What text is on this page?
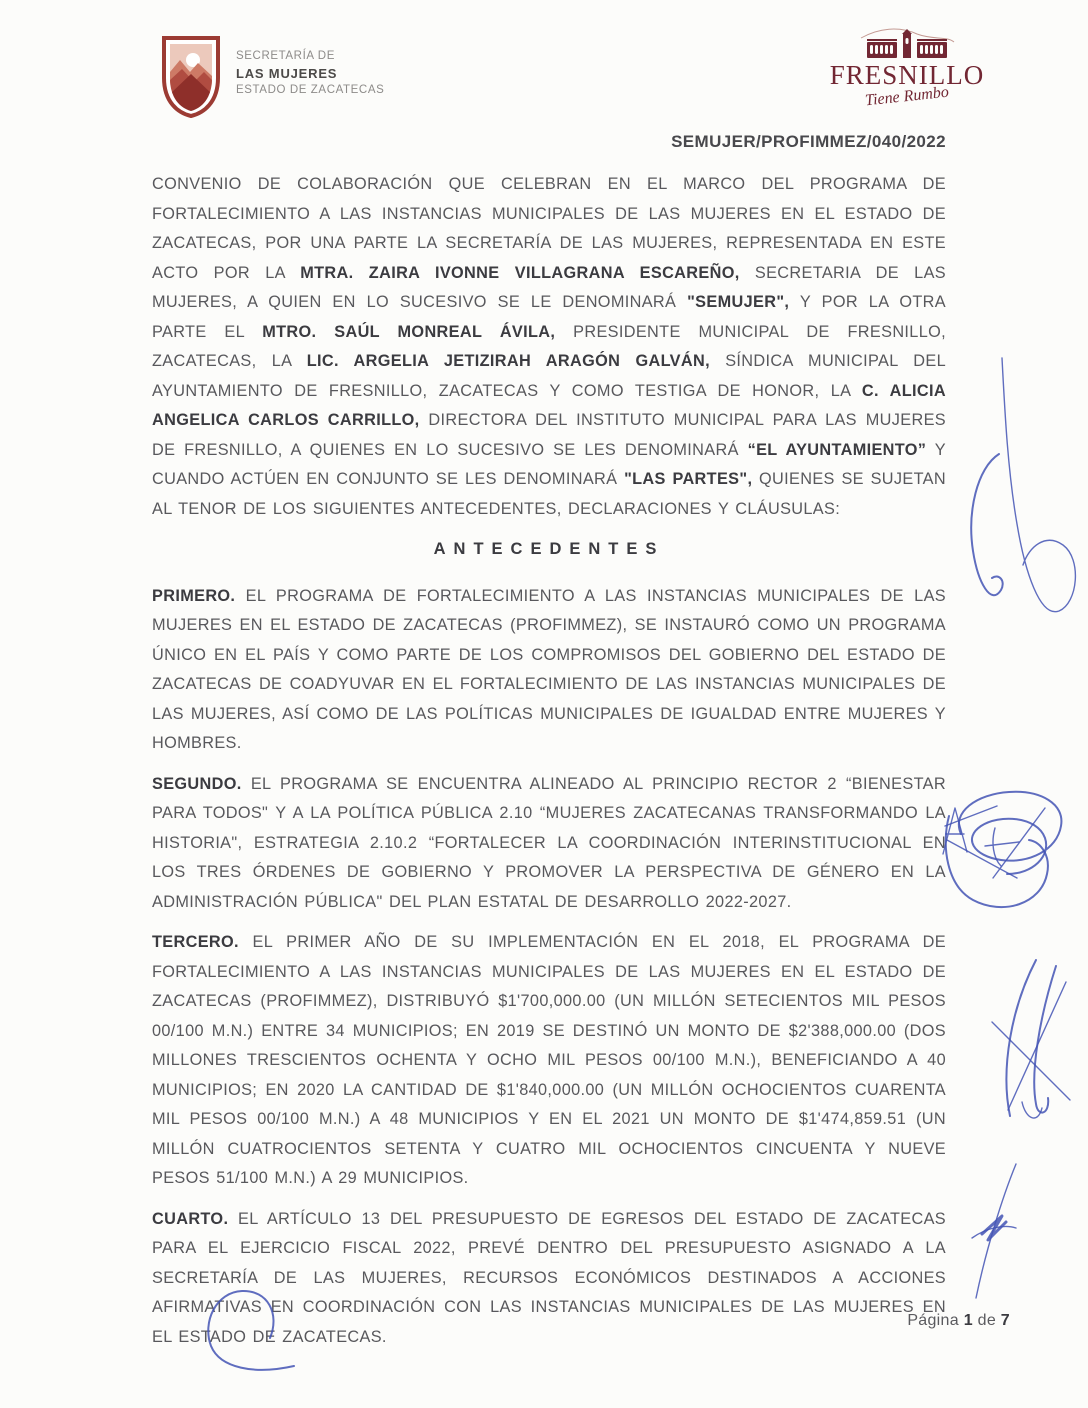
SECRETARÍA DE
LAS MUJERES
ESTADO DE ZACATECAS	FRESNILLO
Tiene Rumbo
SEMUJER/PROFIMMEZ/040/2022

CONVENIO DE COLABORACIÓN QUE CELEBRAN EN EL MARCO DEL PROGRAMA DE FORTALECIMIENTO A LAS INSTANCIAS MUNICIPALES DE LAS MUJERES EN EL ESTADO DE ZACATECAS, POR UNA PARTE LA SECRETARÍA DE LAS MUJERES, REPRESENTADA EN ESTE ACTO POR LA MTRA. ZAIRA IVONNE VILLAGRANA ESCAREÑO, SECRETARIA DE LAS MUJERES, A QUIEN EN LO SUCESIVO SE LE DENOMINARÁ "SEMUJER", Y POR LA OTRA PARTE EL MTRO. SAÚL MONREAL ÁVILA, PRESIDENTE MUNICIPAL DE FRESNILLO, ZACATECAS, LA LIC. ARGELIA JETIZIRAH ARAGÓN GALVÁN, SÍNDICA MUNICIPAL DEL AYUNTAMIENTO DE FRESNILLO, ZACATECAS Y COMO TESTIGA DE HONOR, LA C. ALICIA ANGELICA CARLOS CARRILLO, DIRECTORA DEL INSTITUTO MUNICIPAL PARA LAS MUJERES DE FRESNILLO, A QUIENES EN LO SUCESIVO SE LES DENOMINARÁ “EL AYUNTAMIENTO” Y CUANDO ACTÚEN EN CONJUNTO SE LES DENOMINARÁ "LAS PARTES", QUIENES SE SUJETAN AL TENOR DE LOS SIGUIENTES ANTECEDENTES, DECLARACIONES Y CLÁUSULAS:

ANTECEDENTES

PRIMERO. EL PROGRAMA DE FORTALECIMIENTO A LAS INSTANCIAS MUNICIPALES DE LAS MUJERES EN EL ESTADO DE ZACATECAS (PROFIMMEZ), SE INSTAURÓ COMO UN PROGRAMA ÚNICO EN EL PAÍS Y COMO PARTE DE LOS COMPROMISOS DEL GOBIERNO DEL ESTADO DE ZACATECAS DE COADYUVAR EN EL FORTALECIMIENTO DE LAS INSTANCIAS MUNICIPALES DE LAS MUJERES, ASÍ COMO DE LAS POLÍTICAS MUNICIPALES DE IGUALDAD ENTRE MUJERES Y HOMBRES.

SEGUNDO. EL PROGRAMA SE ENCUENTRA ALINEADO AL PRINCIPIO RECTOR 2 “BIENESTAR PARA TODOS" Y A LA POLÍTICA PÚBLICA 2.10 “MUJERES ZACATECANAS TRANSFORMANDO LA HISTORIA", ESTRATEGIA 2.10.2 “FORTALECER LA COORDINACIÓN INTERINSTITUCIONAL EN LOS TRES ÓRDENES DE GOBIERNO Y PROMOVER LA PERSPECTIVA DE GÉNERO EN LA ADMINISTRACIÓN PÚBLICA" DEL PLAN ESTATAL DE DESARROLLO 2022-2027.

TERCERO. EL PRIMER AÑO DE SU IMPLEMENTACIÓN EN EL 2018, EL PROGRAMA DE FORTALECIMIENTO A LAS INSTANCIAS MUNICIPALES DE LAS MUJERES EN EL ESTADO DE ZACATECAS (PROFIMMEZ), DISTRIBUYÓ $1'700,000.00 (UN MILLÓN SETECIENTOS MIL PESOS 00/100 M.N.) ENTRE 34 MUNICIPIOS; EN 2019 SE DESTINÓ UN MONTO DE $2'388,000.00 (DOS MILLONES TRESCIENTOS OCHENTA Y OCHO MIL PESOS 00/100 M.N.), BENEFICIANDO A 40 MUNICIPIOS; EN 2020 LA CANTIDAD DE $1'840,000.00 (UN MILLÓN OCHOCIENTOS CUARENTA MIL PESOS 00/100 M.N.) A 48 MUNICIPIOS Y EN EL 2021 UN MONTO DE $1'474,859.51 (UN MILLÓN CUATROCIENTOS SETENTA Y CUATRO MIL OCHOCIENTOS CINCUENTA Y NUEVE PESOS 51/100 M.N.) A 29 MUNICIPIOS.

CUARTO. EL ARTÍCULO 13 DEL PRESUPUESTO DE EGRESOS DEL ESTADO DE ZACATECAS PARA EL EJERCICIO FISCAL 2022, PREVÉ DENTRO DEL PRESUPUESTO ASIGNADO A LA SECRETARÍA DE LAS MUJERES, RECURSOS ECONÓMICOS DESTINADOS A ACCIONES AFIRMATIVAS EN COORDINACIÓN CON LAS INSTANCIAS MUNICIPALES DE LAS MUJERES EN EL ESTADO DE ZACATECAS.

Página 1 de 7
